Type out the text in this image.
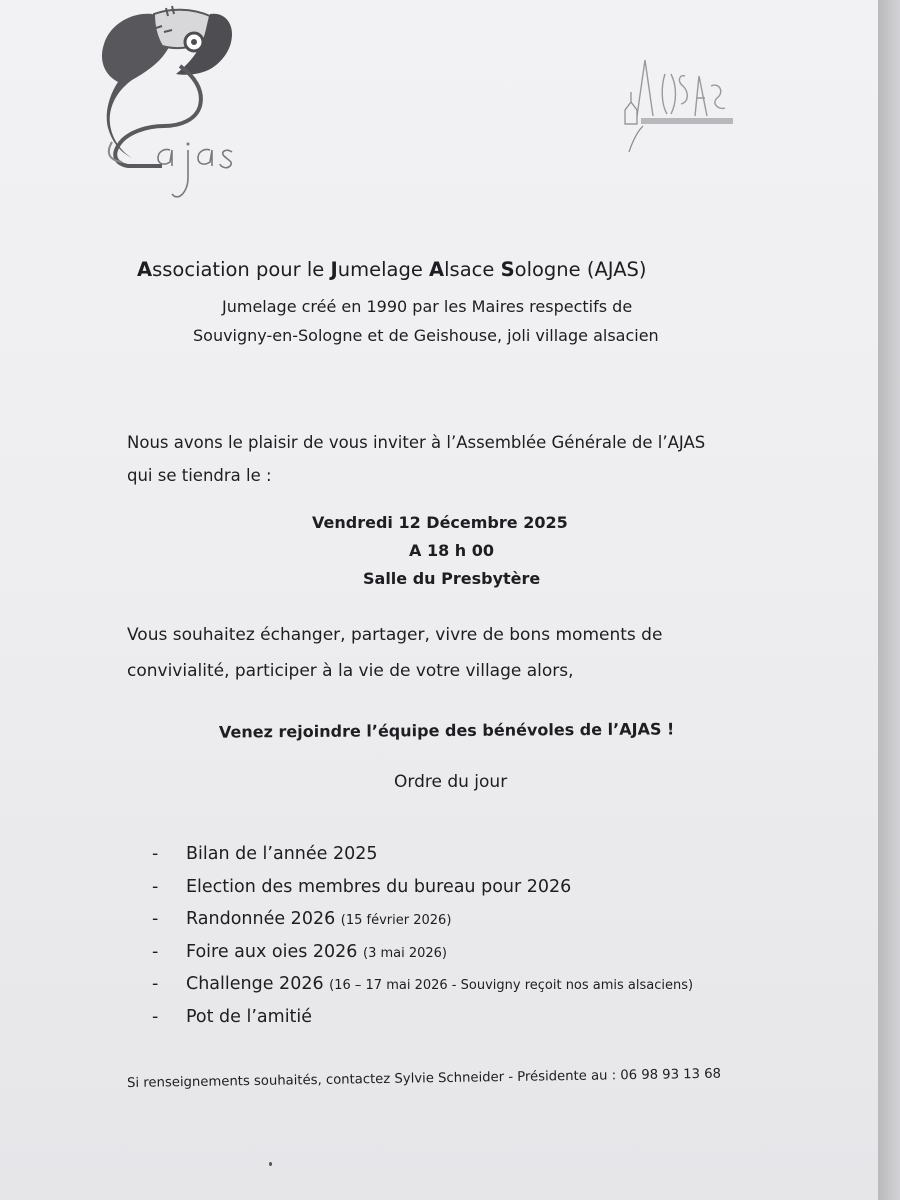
Association pour le Jumelage Alsace Sologne (AJAS)
Jumelage créé en 1990 par les Maires respectifs de
Souvigny-en-Sologne et de Geishouse, joli village alsacien
Nous avons le plaisir de vous inviter à l’Assemblée Générale de l’AJAS
qui se tiendra le :
Vendredi 12 Décembre 2025
A 18 h 00
Salle du Presbytère
Vous souhaitez échanger, partager, vivre de bons moments de
convivialité, participer à la vie de votre village alors,
Venez rejoindre l’équipe des bénévoles de l’AJAS !
Ordre du jour
- Bilan de l’année 2025
- Election des membres du bureau pour 2026
- Randonnée 2026 (15 février 2026)
- Foire aux oies 2026 (3 mai 2026)
- Challenge 2026 (16 – 17 mai 2026 - Souvigny reçoit nos amis alsaciens)
- Pot de l’amitié
Si renseignements souhaités, contactez Sylvie Schneider - Présidente au : 06 98 93 13 68
